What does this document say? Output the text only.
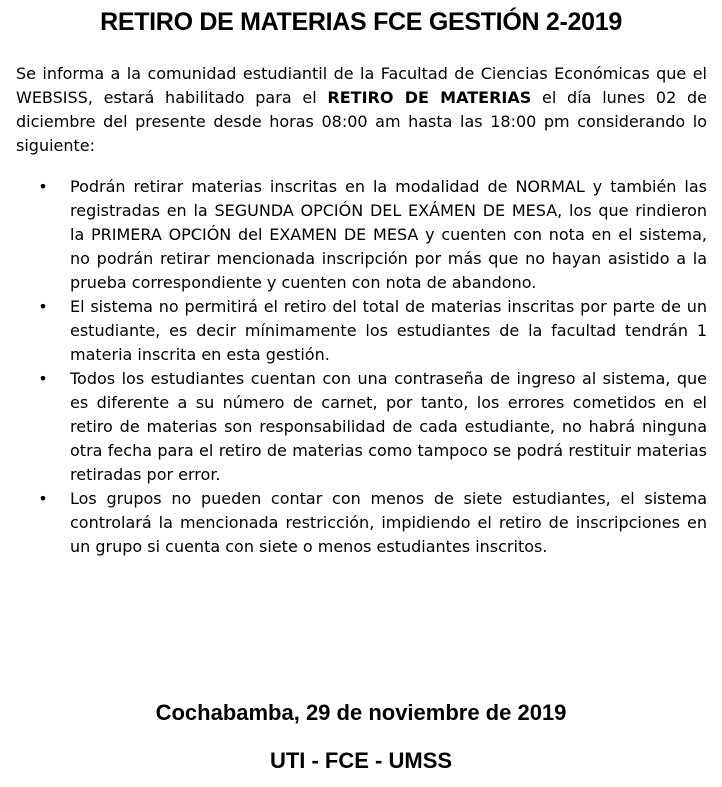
RETIRO DE MATERIAS FCE GESTIÓN 2-2019

Se informa a la comunidad estudiantil de la Facultad de Ciencias Económicas que el WEBSISS, estará habilitado para el RETIRO DE MATERIAS el día lunes 02 de diciembre del presente desde horas 08:00 am hasta las 18:00 pm considerando lo siguiente:

• Podrán retirar materias inscritas en la modalidad de NORMAL y también las registradas en la SEGUNDA OPCIÓN DEL EXÁMEN DE MESA, los que rindieron la PRIMERA OPCIÓN del EXAMEN DE MESA y cuenten con nota en el sistema, no podrán retirar mencionada inscripción por más que no hayan asistido a la prueba correspondiente y cuenten con nota de abandono.
• El sistema no permitirá el retiro del total de materias inscritas por parte de un estudiante, es decir mínimamente los estudiantes de la facultad tendrán 1 materia inscrita en esta gestión.
• Todos los estudiantes cuentan con una contraseña de ingreso al sistema, que es diferente a su número de carnet, por tanto, los errores cometidos en el retiro de materias son responsabilidad de cada estudiante, no habrá ninguna otra fecha para el retiro de materias como tampoco se podrá restituir materias retiradas por error.
• Los grupos no pueden contar con menos de siete estudiantes, el sistema controlará la mencionada restricción, impidiendo el retiro de inscripciones en un grupo si cuenta con siete o menos estudiantes inscritos.
Cochabamba, 29 de noviembre de 2019
UTI - FCE - UMSS
